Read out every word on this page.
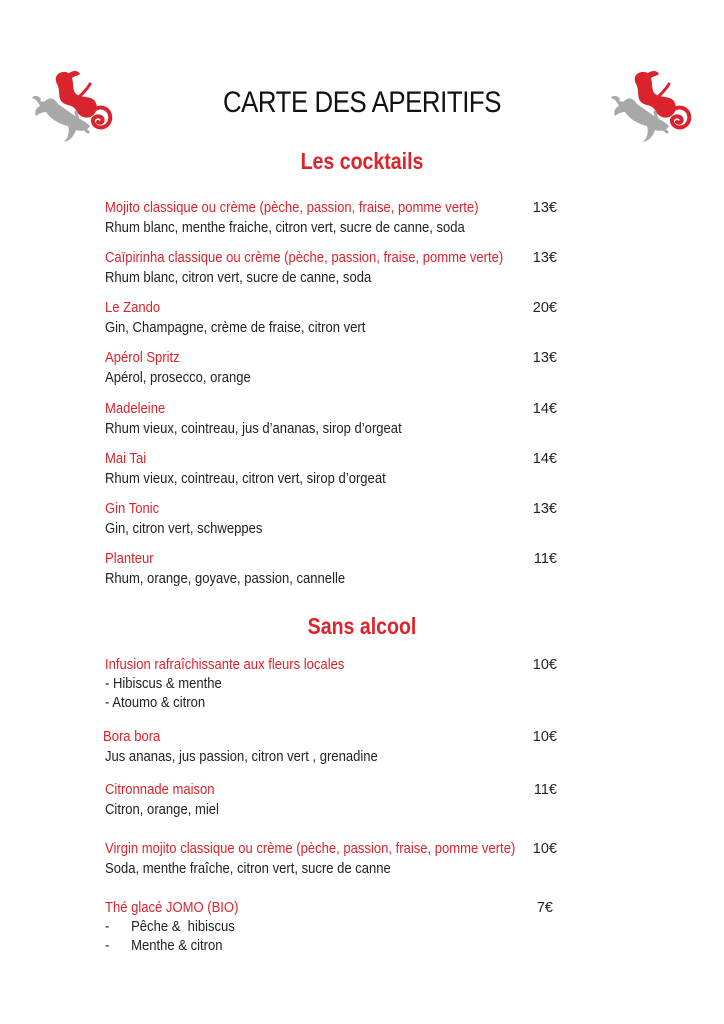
CARTE DES APERITIFS
Les cocktails
Mojito classique ou crème (pèche, passion, fraise, pomme verte)
Rhum blanc, menthe fraiche, citron vert, sucre de canne, soda
13€
Caïpirinha classique ou crème (pèche, passion, fraise, pomme verte)
Rhum blanc, citron vert, sucre de canne, soda
13€
Le Zando
Gin, Champagne, crème de fraise, citron vert
20€
Apérol Spritz
Apérol, prosecco, orange
13€
Madeleine
Rhum vieux, cointreau, jus d’ananas, sirop d’orgeat
14€
Mai Tai
Rhum vieux, cointreau, citron vert, sirop d’orgeat
14€
Gin Tonic
Gin, citron vert, schweppes
13€
Planteur
Rhum, orange, goyave, passion, cannelle
11€
Sans alcool
Infusion rafraîchissante aux fleurs locales
- Hibiscus & menthe
- Atoumo & citron
10€
Bora bora
Jus ananas, jus passion, citron vert , grenadine
10€
Citronnade maison
Citron, orange, miel
11€
Virgin mojito classique ou crème (pèche, passion, fraise, pomme verte)
Soda, menthe fraîche, citron vert, sucre de canne
10€
Thé glacé JOMO (BIO)
-      Pêche &  hibiscus
-      Menthe & citron
7€
